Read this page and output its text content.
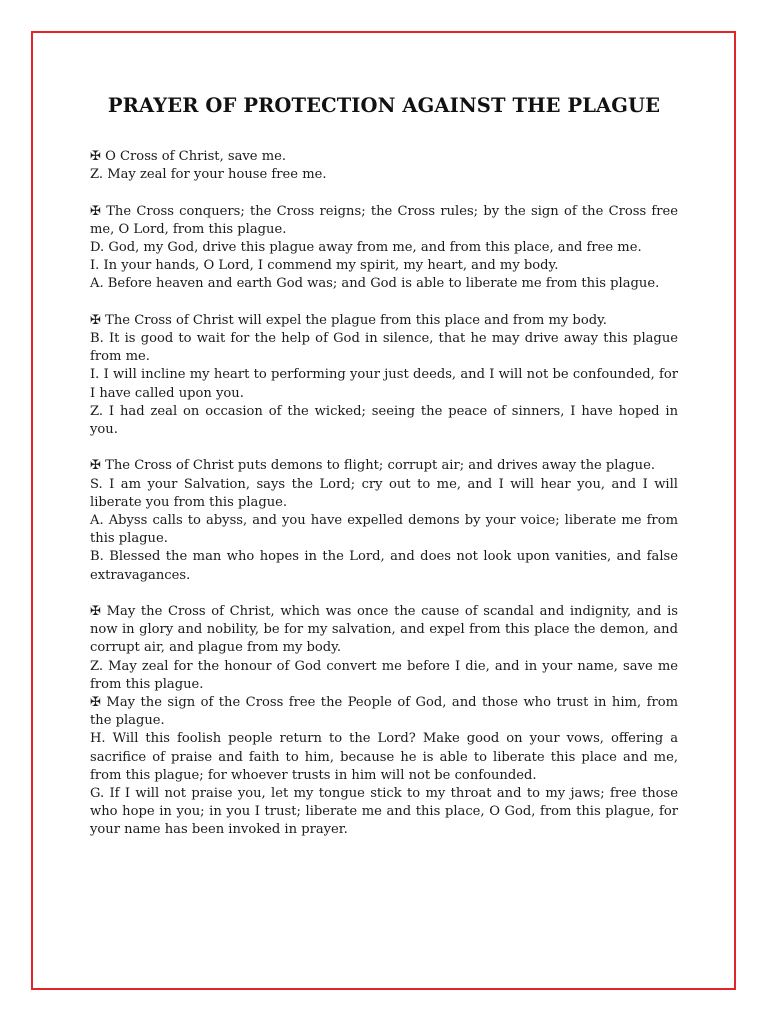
PRAYER OF PROTECTION AGAINST THE PLAGUE

✠ O Cross of Christ, save me.

Z. May zeal for your house free me.

✠ The Cross conquers; the Cross reigns; the Cross rules; by the sign of the Cross free me, O Lord, from this plague.

D. God, my God, drive this plague away from me, and from this place, and free me.

I. In your hands, O Lord, I commend my spirit, my heart, and my body.

A. Before heaven and earth God was; and God is able to liberate me from this plague.

✠ The Cross of Christ will expel the plague from this place and from my body.

B. It is good to wait for the help of God in silence, that he may drive away this plague from me.

I. I will incline my heart to performing your just deeds, and I will not be confounded, for I have called upon you.

Z. I had zeal on occasion of the wicked; seeing the peace of sinners, I have hoped in you.

✠ The Cross of Christ puts demons to flight; corrupt air; and drives away the plague.

S. I am your Salvation, says the Lord; cry out to me, and I will hear you, and I will liberate you from this plague.

A. Abyss calls to abyss, and you have expelled demons by your voice; liberate me from this plague.

B. Blessed the man who hopes in the Lord, and does not look upon vanities, and false extravagances.

✠ May the Cross of Christ, which was once the cause of scandal and indignity, and is now in glory and nobility, be for my salvation, and expel from this place the demon, and corrupt air, and plague from my body.

Z. May zeal for the honour of God convert me before I die, and in your name, save me from this plague.

✠ May the sign of the Cross free the People of God, and those who trust in him, from the plague.

H. Will this foolish people return to the Lord? Make good on your vows, offering a sacrifice of praise and faith to him, because he is able to liberate this place and me, from this plague; for whoever trusts in him will not be confounded.

G. If I will not praise you, let my tongue stick to my throat and to my jaws; free those who hope in you; in you I trust; liberate me and this place, O God, from this plague, for your name has been invoked in prayer.
